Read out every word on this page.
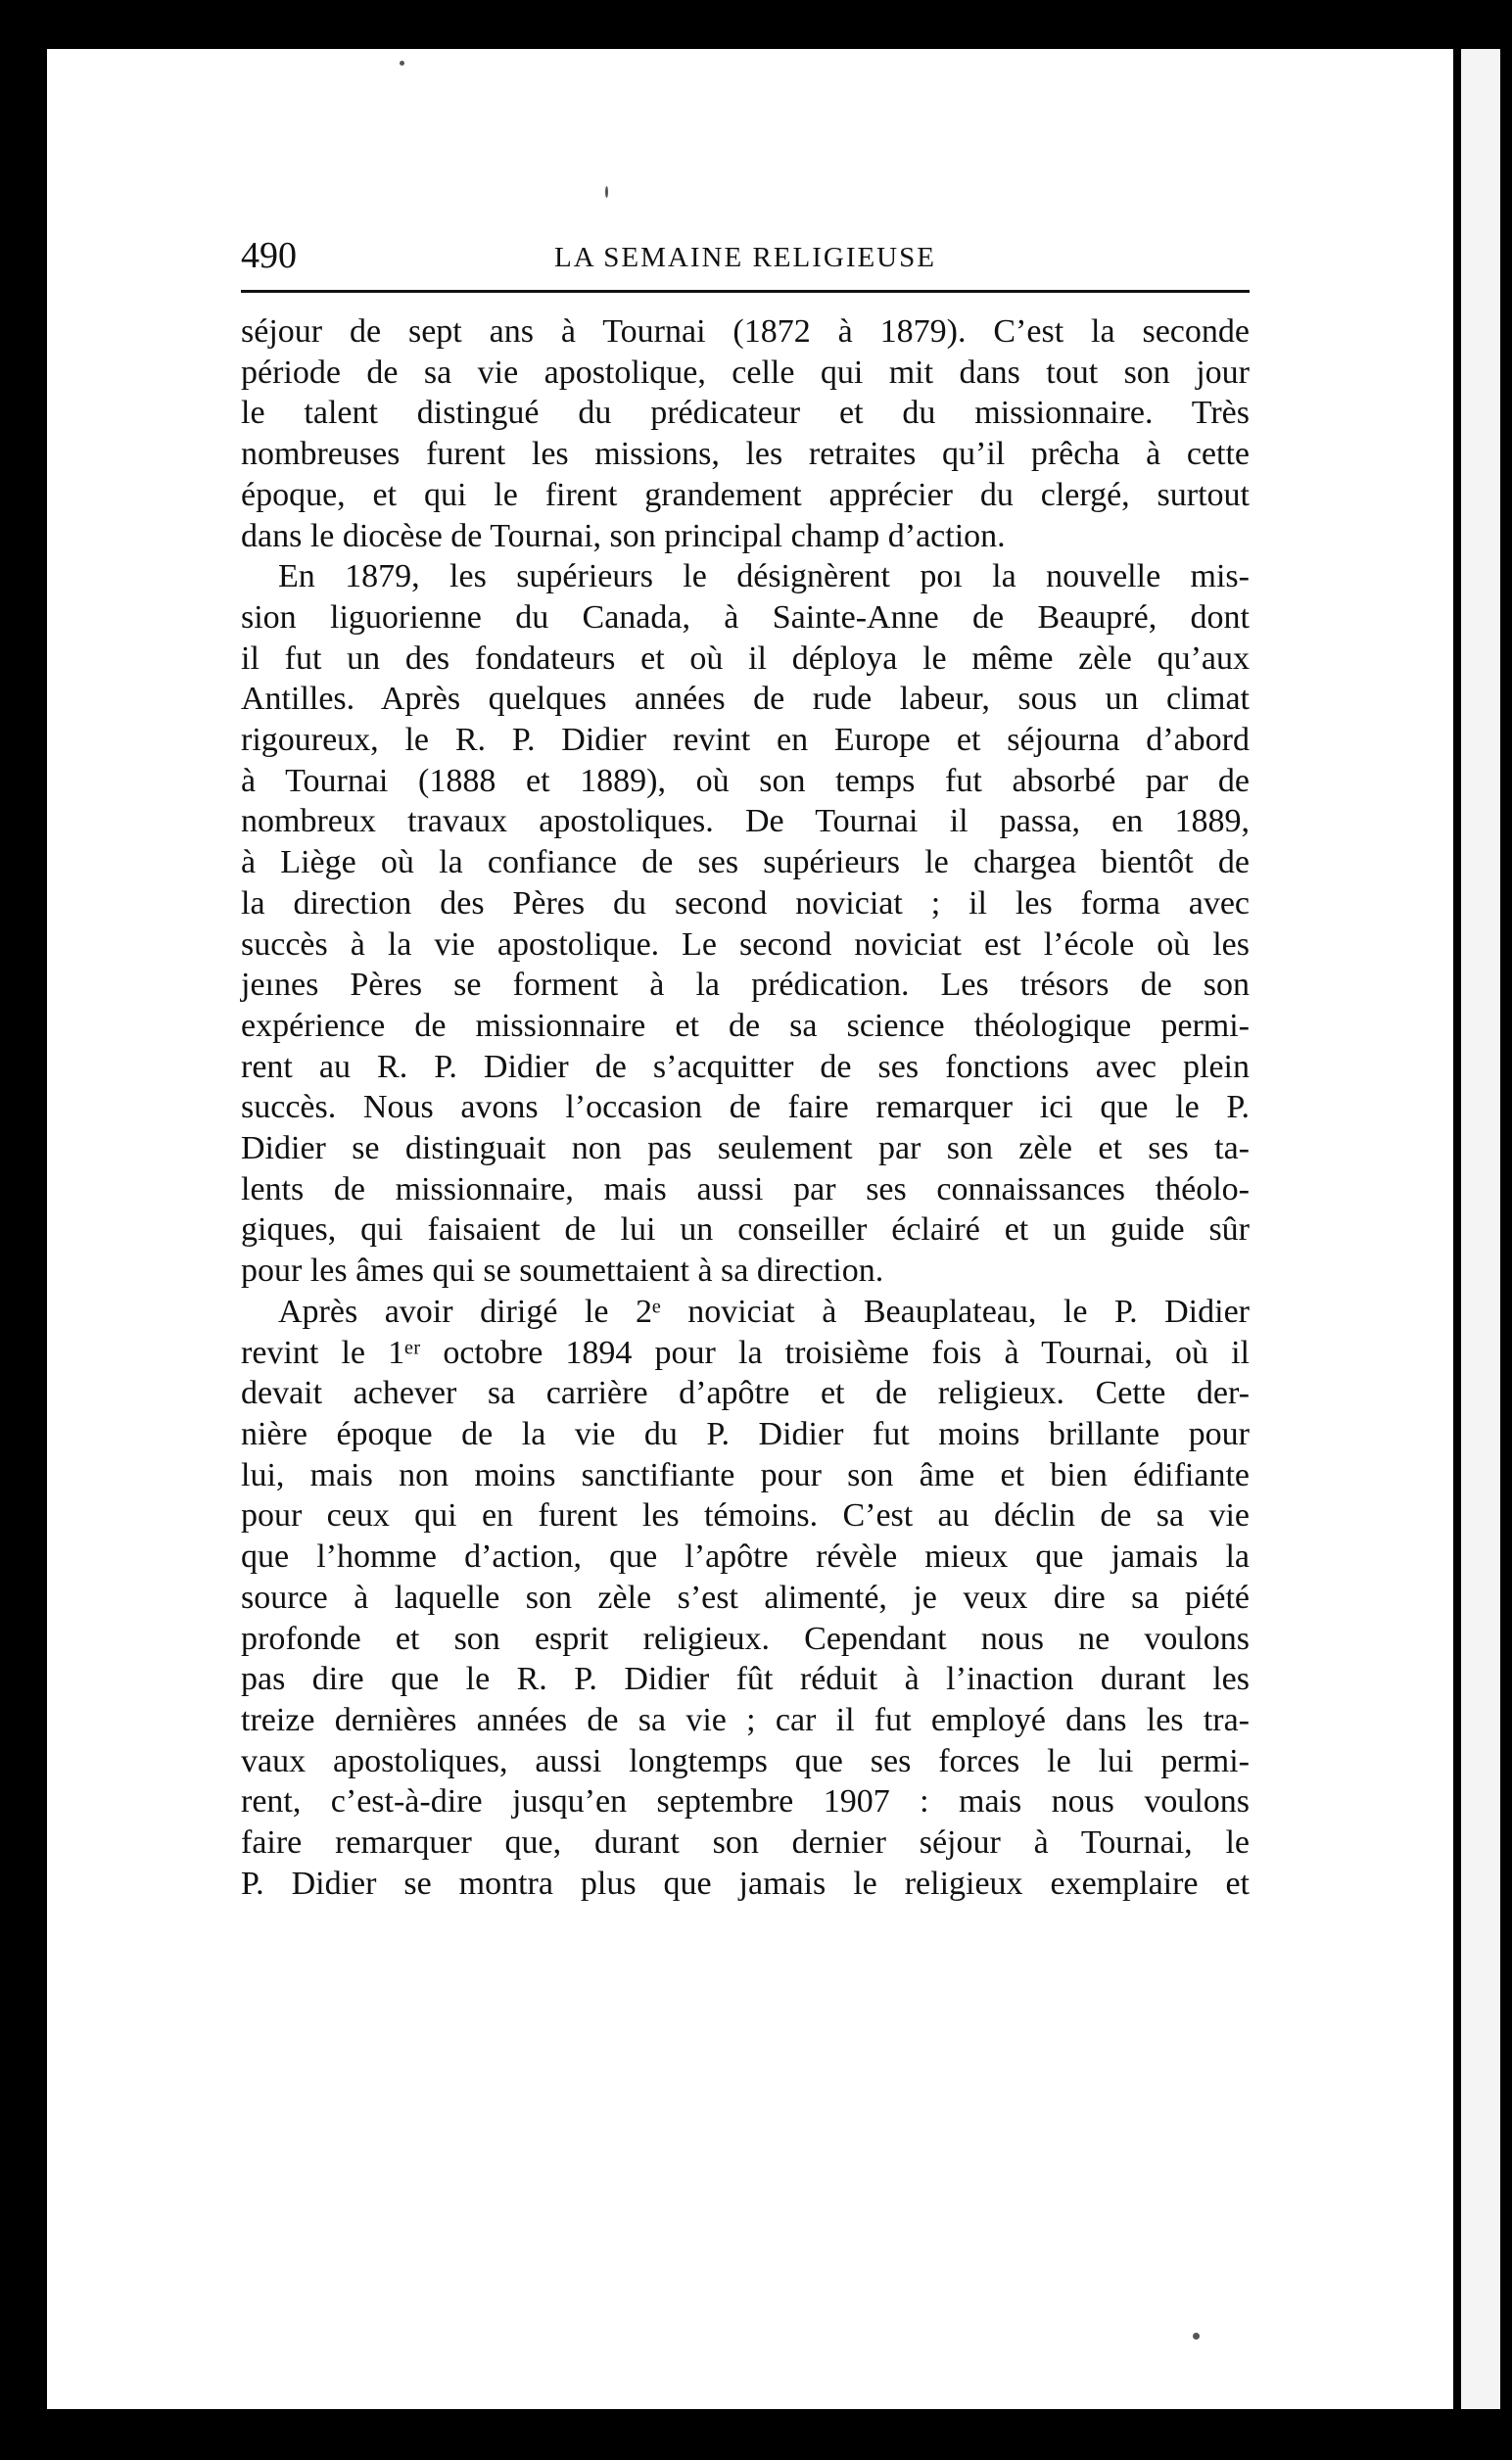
490	LA SEMAINE RELIGIEUSE
séjour de sept ans à Tournai (1872 à 1879). C’est la seconde
période de sa vie apostolique, celle qui mit dans tout son jour
le talent distingué du prédicateur et du missionnaire. Très
nombreuses furent les missions, les retraites qu’il prêcha à cette
époque, et qui le firent grandement apprécier du clergé, surtout
dans le diocèse de Tournai, son principal champ d’action.
En 1879, les supérieurs le désignèrent poı la nouvelle mis-
sion liguorienne du Canada, à Sainte-Anne de Beaupré, dont
il fut un des fondateurs et où il déploya le même zèle qu’aux
Antilles. Après quelques années de rude labeur, sous un climat
rigoureux, le R. P. Didier revint en Europe et séjourna d’abord
à Tournai (1888 et 1889), où son temps fut absorbé par de
nombreux travaux apostoliques. De Tournai il passa, en 1889,
à Liège où la confiance de ses supérieurs le chargea bientôt de
la direction des Pères du second noviciat ; il les forma avec
succès à la vie apostolique. Le second noviciat est l’école où les
jeınes Pères se forment à la prédication. Les trésors de son
expérience de missionnaire et de sa science théologique permi-
rent au R. P. Didier de s’acquitter de ses fonctions avec plein
succès. Nous avons l’occasion de faire remarquer ici que le P.
Didier se distinguait non pas seulement par son zèle et ses ta-
lents de missionnaire, mais aussi par ses connaissances théolo-
giques, qui faisaient de lui un conseiller éclairé et un guide sûr
pour les âmes qui se soumettaient à sa direction.
Après avoir dirigé le 2ᵉ noviciat à Beauplateau, le P. Didier
revint le 1ᵉʳ octobre 1894 pour la troisième fois à Tournai, où il
devait achever sa carrière d’apôtre et de religieux. Cette der-
nière époque de la vie du P. Didier fut moins brillante pour
lui, mais non moins sanctifiante pour son âme et bien édifiante
pour ceux qui en furent les témoins. C’est au déclin de sa vie
que l’homme d’action, que l’apôtre révèle mieux que jamais la
source à laquelle son zèle s’est alimenté, je veux dire sa piété
profonde et son esprit religieux. Cependant nous ne voulons
pas dire que le R. P. Didier fût réduit à l’inaction durant les
treize dernières années de sa vie ; car il fut employé dans les tra-
vaux apostoliques, aussi longtemps que ses forces le lui permi-
rent, c’est-à-dire jusqu’en septembre 1907 : mais nous voulons
faire remarquer que, durant son dernier séjour à Tournai, le
P. Didier se montra plus que jamais le religieux exemplaire et
